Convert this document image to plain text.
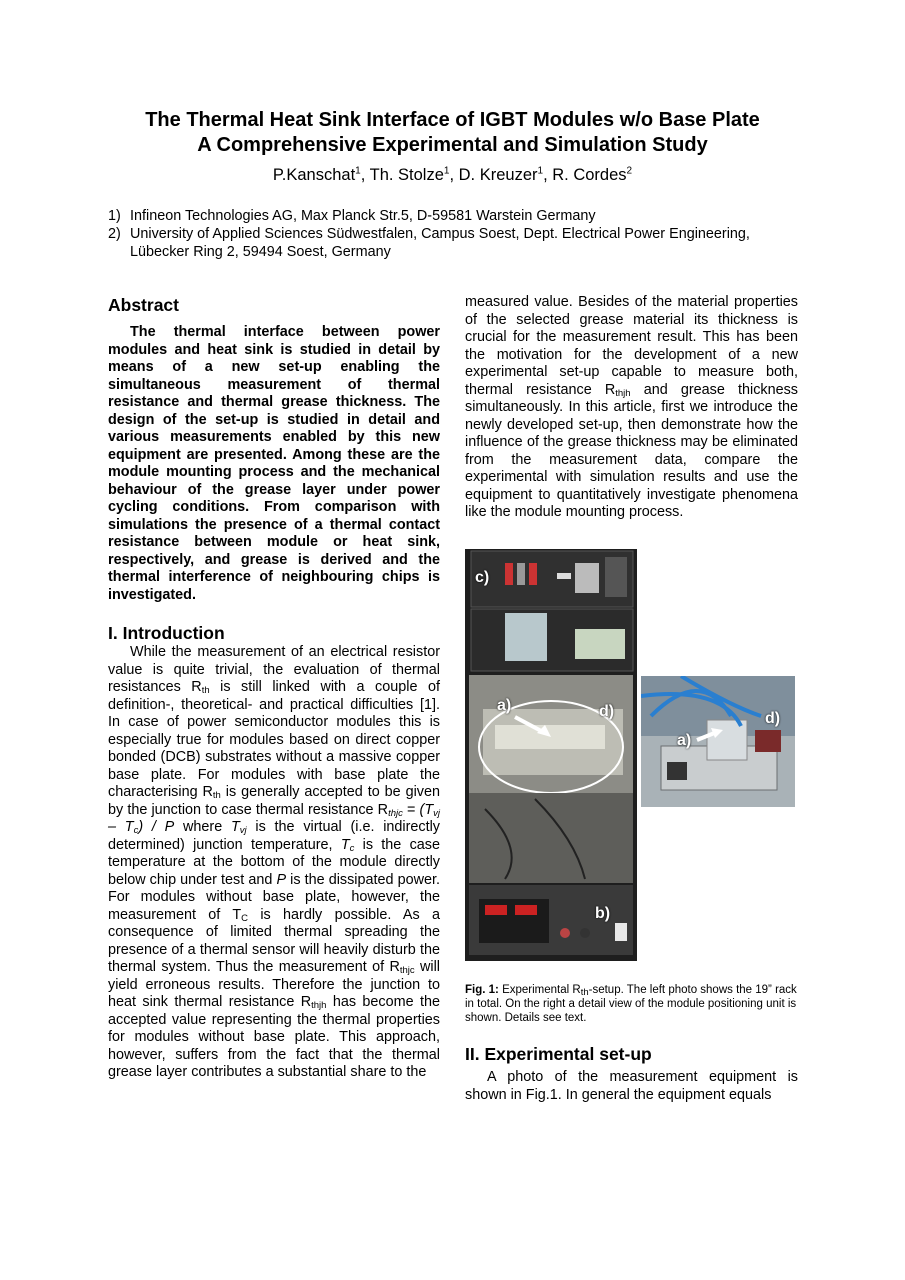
The Thermal Heat Sink Interface of IGBT Modules w/o Base Plate
A Comprehensive Experimental and Simulation Study
P.Kanschat$^1$, Th. Stolze$^1$, D. Kreuzer$^1$, R. Cordes$^2$
1) Infineon Technologies AG, Max Planck Str.5, D-59581 Warstein Germany
2) University of Applied Sciences Südwestfalen, Campus Soest, Dept. Electrical Power Engineering, Lübecker Ring 2, 59494 Soest, Germany
Abstract

The thermal interface between power modules and heat sink is studied in detail by means of a new set-up enabling the simultaneous measurement of thermal resistance and thermal grease thickness. The design of the set-up is studied in detail and various measurements enabled by this new equipment are presented. Among these are the module mounting process and the mechanical behaviour of the grease layer under power cycling conditions. From comparison with simulations the presence of a thermal contact resistance between module or heat sink, respectively, and grease is derived and the thermal interference of neighbouring chips is investigated.

I. Introduction

While the measurement of an electrical resistor value is quite trivial, the evaluation of thermal resistances $R_{th}$ is still linked with a couple of definition-, theoretical- and practical difficulties [1]. In case of power semiconductor modules this is especially true for modules based on direct copper bonded (DCB) substrates without a massive copper base plate. For modules with base plate the characterising $R_{th}$ is generally accepted to be given by the junction to case thermal resistance $R_{thjc} = (T_{vj} - T_c) / P$ where $T_{vj}$ is the virtual (i.e. indirectly determined) junction temperature, $T_c$ is the case temperature at the bottom of the module directly below chip under test and P is the dissipated power. For modules without base plate, however, the measurement of $T_C$ is hardly possible. As a consequence of limited thermal spreading the presence of a thermal sensor will heavily disturb the thermal system. Thus the measurement of $R_{thjc}$ will yield erroneous results. Therefore the junction to heat sink thermal resistance $R_{thjh}$ has become the accepted value representing the thermal properties for modules without base plate. This approach, however, suffers from the fact that the thermal grease layer contributes a substantial share to the

measured value. Besides of the material properties of the selected grease material its thickness is crucial for the measurement result. This has been the motivation for the development of a new experimental set-up capable to measure both, thermal resistance $R_{thjh}$ and grease thickness simultaneously. In this article, first we introduce the newly developed set-up, then demonstrate how the influence of the grease thickness may be eliminated from the measurement data, compare the experimental with simulation results and use the equipment to quantitatively investigate phenomena like the module mounting process.

c)
a)	d)
b)
d)
a)
Fig. 1: Experimental $R_{th}$-setup. The left photo shows the 19” rack in total. On the right a detail view of the module positioning unit is shown. Details see text.
II. Experimental set-up

A photo of the measurement equipment is shown in Fig.1. In general the equipment equals
